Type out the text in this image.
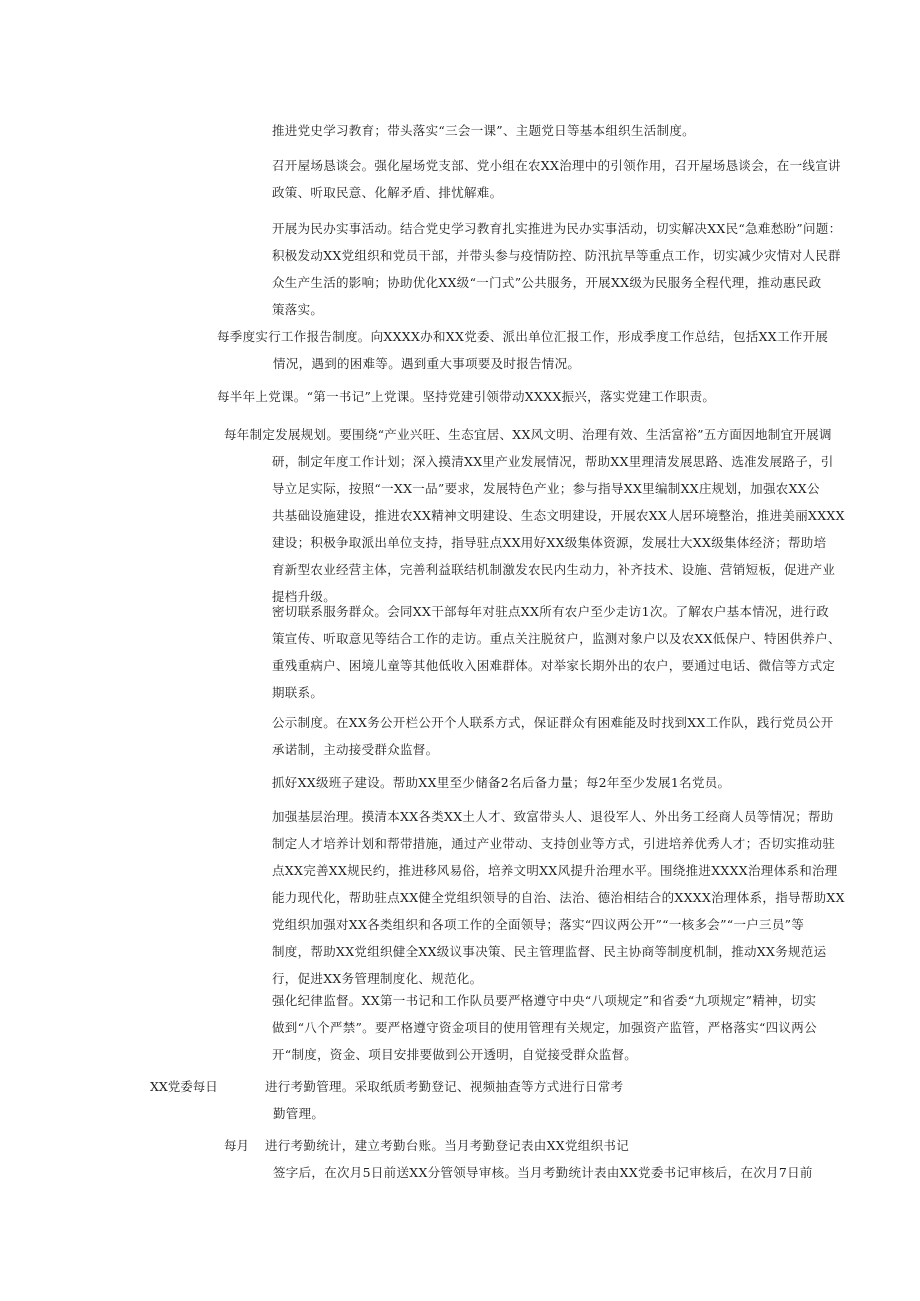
推进党史学习教育；带头落实“三会一课”、主题党日等基本组织生活制度。
召开屋场恳谈会。强化屋场党支部、党小组在农XX治理中的引领作用，召开屋场恳谈会，在一线宣讲
政策、听取民意、化解矛盾、排忧解难。
开展为民办实事活动。结合党史学习教育扎实推进为民办实事活动，切实解决XX民“急难愁盼”问题：
积极发动XX党组织和党员干部，并带头参与疫情防控、防汛抗旱等重点工作，切实减少灾情对人民群
众生产生活的影响；协助优化XX级“一门式”公共服务，开展XX级为民服务全程代理，推动惠民政
策落实。
每季度实行工作报告制度。向XXXX办和XX党委、派出单位汇报工作，形成季度工作总结，包括XX工作开展
情况，遇到的困难等。遇到重大事项要及时报告情况。
每半年上党课。“第一书记”上党课。坚持党建引领带动XXXX振兴，落实党建工作职责。
每年制定发展规划。要围绕“产业兴旺、生态宜居、XX风文明、治理有效、生活富裕”五方面因地制宜开展调
研，制定年度工作计划；深入摸清XX里产业发展情况，帮助XX里理清发展思路、选准发展路子，引
导立足实际，按照“一XX一品”要求，发展特色产业；参与指导XX里编制XX庄规划，加强农XX公
共基础设施建设，推进农XX精神文明建设、生态文明建设，开展农XX人居环境整治，推进美丽XXXX
建设；积极争取派出单位支持，指导驻点XX用好XX级集体资源，发展壮大XX级集体经济；帮助培
育新型农业经营主体，完善利益联结机制激发农民内生动力，补齐技术、设施、营销短板，促进产业
提档升级。
密切联系服务群众。会同XX干部每年对驻点XX所有农户至少走访1次。了解农户基本情况，进行政
策宣传、听取意见等结合工作的走访。重点关注脱贫户，监测对象户以及农XX低保户、特困供养户、
重残重病户、困境儿童等其他低收入困难群体。对举家长期外出的农户，要通过电话、微信等方式定
期联系。
公示制度。在XX务公开栏公开个人联系方式，保证群众有困难能及时找到XX工作队，践行党员公开
承诺制，主动接受群众监督。
抓好XX级班子建设。帮助XX里至少储备2名后备力量；每2年至少发展1名党员。
加强基层治理。摸清本XX各类XX土人才、致富带头人、退役军人、外出务工经商人员等情况；帮助
制定人才培养计划和帮带措施，通过产业带动、支持创业等方式，引进培养优秀人才；否切实推动驻
点XX完善XX规民约，推进移风易俗，培养文明XX风提升治理水平。围绕推进XXXX治理体系和治理
能力现代化，帮助驻点XX健全党组织领导的自治、法治、德治相结合的XXXX治理体系，指导帮助XX
党组织加强对XX各类组织和各项工作的全面领导；落实“四议两公开”“一核多会”“一户三员”等
制度，帮助XX党组织健全XX级议事决策、民主管理监督、民主协商等制度机制，推动XX务规范运
行，促进XX务管理制度化、规范化。
强化纪律监督。XX第一书记和工作队员要严格遵守中央“八项规定”和省委“九项规定”精神，切实
做到“八个严禁”。要严格遵守资金项目的使用管理有关规定，加强资产监管，严格落实“四议两公
开“制度，资金、项目安排要做到公开透明，自觉接受群众监督。
XX党委每日	进行考勤管理。采取纸质考勤登记、视频抽查等方式进行日常考
勤管理。
每月 进行考勤统计，建立考勤台账。当月考勤登记表由XX党组织书记
签字后，在次月5日前送XX分管领导审核。当月考勤统计表由XX党委书记审核后，在次月7日前
